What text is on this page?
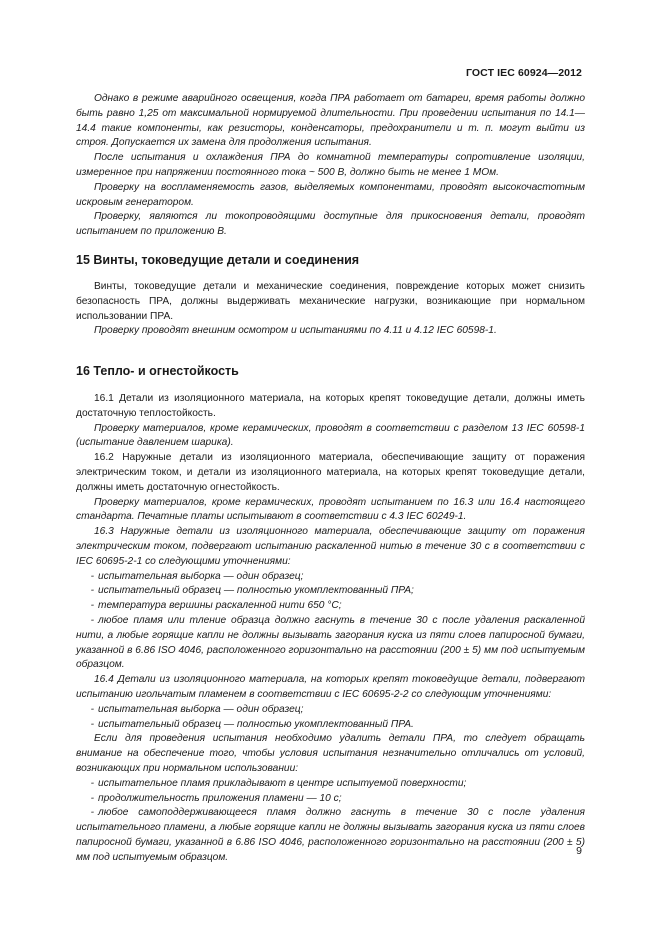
ГОСТ IEC 60924—2012

Однако в режиме аварийного освещения, когда ПРА работает от батареи, время работы должно быть равно 1,25 от максимальной нормируемой длительности. При проведении испытания по 14.1—14.4 такие компоненты, как резисторы, конденсаторы, предохранители и т. п. могут выйти из строя. Допускается их замена для продолжения испытания.

После испытания и охлаждения ПРА до комнатной температуры сопротивление изоляции, измеренное при напряжении постоянного тока ~ 500 В, должно быть не менее 1 МОм.

Проверку на воспламеняемость газов, выделяемых компонентами, проводят высокочастотным искровым генератором.

Проверку, являются ли токопроводящими доступные для прикосновения детали, проводят испытанием по приложению В.

15 Винты, токоведущие детали и соединения

Винты, токоведущие детали и механические соединения, повреждение которых может снизить безопасность ПРА, должны выдерживать механические нагрузки, возникающие при нормальном использовании ПРА.

Проверку проводят внешним осмотром и испытаниями по 4.11 и 4.12 IEC 60598-1.

16 Тепло- и огнестойкость

16.1 Детали из изоляционного материала, на которых крепят токоведущие детали, должны иметь достаточную теплостойкость.

Проверку материалов, кроме керамических, проводят в соответствии с разделом 13 IEC 60598-1 (испытание давлением шарика).

16.2 Наружные детали из изоляционного материала, обеспечивающие защиту от поражения электрическим током, и детали из изоляционного материала, на которых крепят токоведущие детали, должны иметь достаточную огнестойкость.

Проверку материалов, кроме керамических, проводят испытанием по 16.3 или 16.4 настоящего стандарта. Печатные платы испытывают в соответствии с 4.3 IEC 60249-1.

16.3 Наружные детали из изоляционного материала, обеспечивающие защиту от поражения электрическим током, подвергают испытанию раскаленной нитью в течение 30 с в соответствии с IEC 60695-2-1 со следующими уточнениями:

- испытательная выборка — один образец;

- испытательный образец — полностью укомплектованный ПРА;

- температура вершины раскаленной нити 650 °С;

- любое пламя или тление образца должно гаснуть в течение 30 с после удаления раскаленной нити, а любые горящие капли не должны вызывать загорания куска из пяти слоев папиросной бумаги, указанной в 6.86 ISO 4046, расположенного горизонтально на расстоянии (200 ± 5) мм под испытуемым образцом.

16.4 Детали из изоляционного материала, на которых крепят токоведущие детали, подвергают испытанию игольчатым пламенем в соответствии с IEC 60695-2-2 со следующим уточнениями:

- испытательная выборка — один образец;

- испытательный образец — полностью укомплектованный ПРА.

Если для проведения испытания необходимо удалить детали ПРА, то следует обращать внимание на обеспечение того, чтобы условия испытания незначительно отличались от условий, возникающих при нормальном использовании:

- испытательное пламя прикладывают в центре испытуемой поверхности;

- продолжительность приложения пламени — 10 с;

- любое самоподдерживающееся пламя должно гаснуть в течение 30 с после удаления испытательного пламени, а любые горящие капли не должны вызывать загорания куска из пяти слоев папиросной бумаги, указанной в 6.86 ISO 4046, расположенного горизонтально на расстоянии (200 ± 5) мм под испытуемым образцом.

9
